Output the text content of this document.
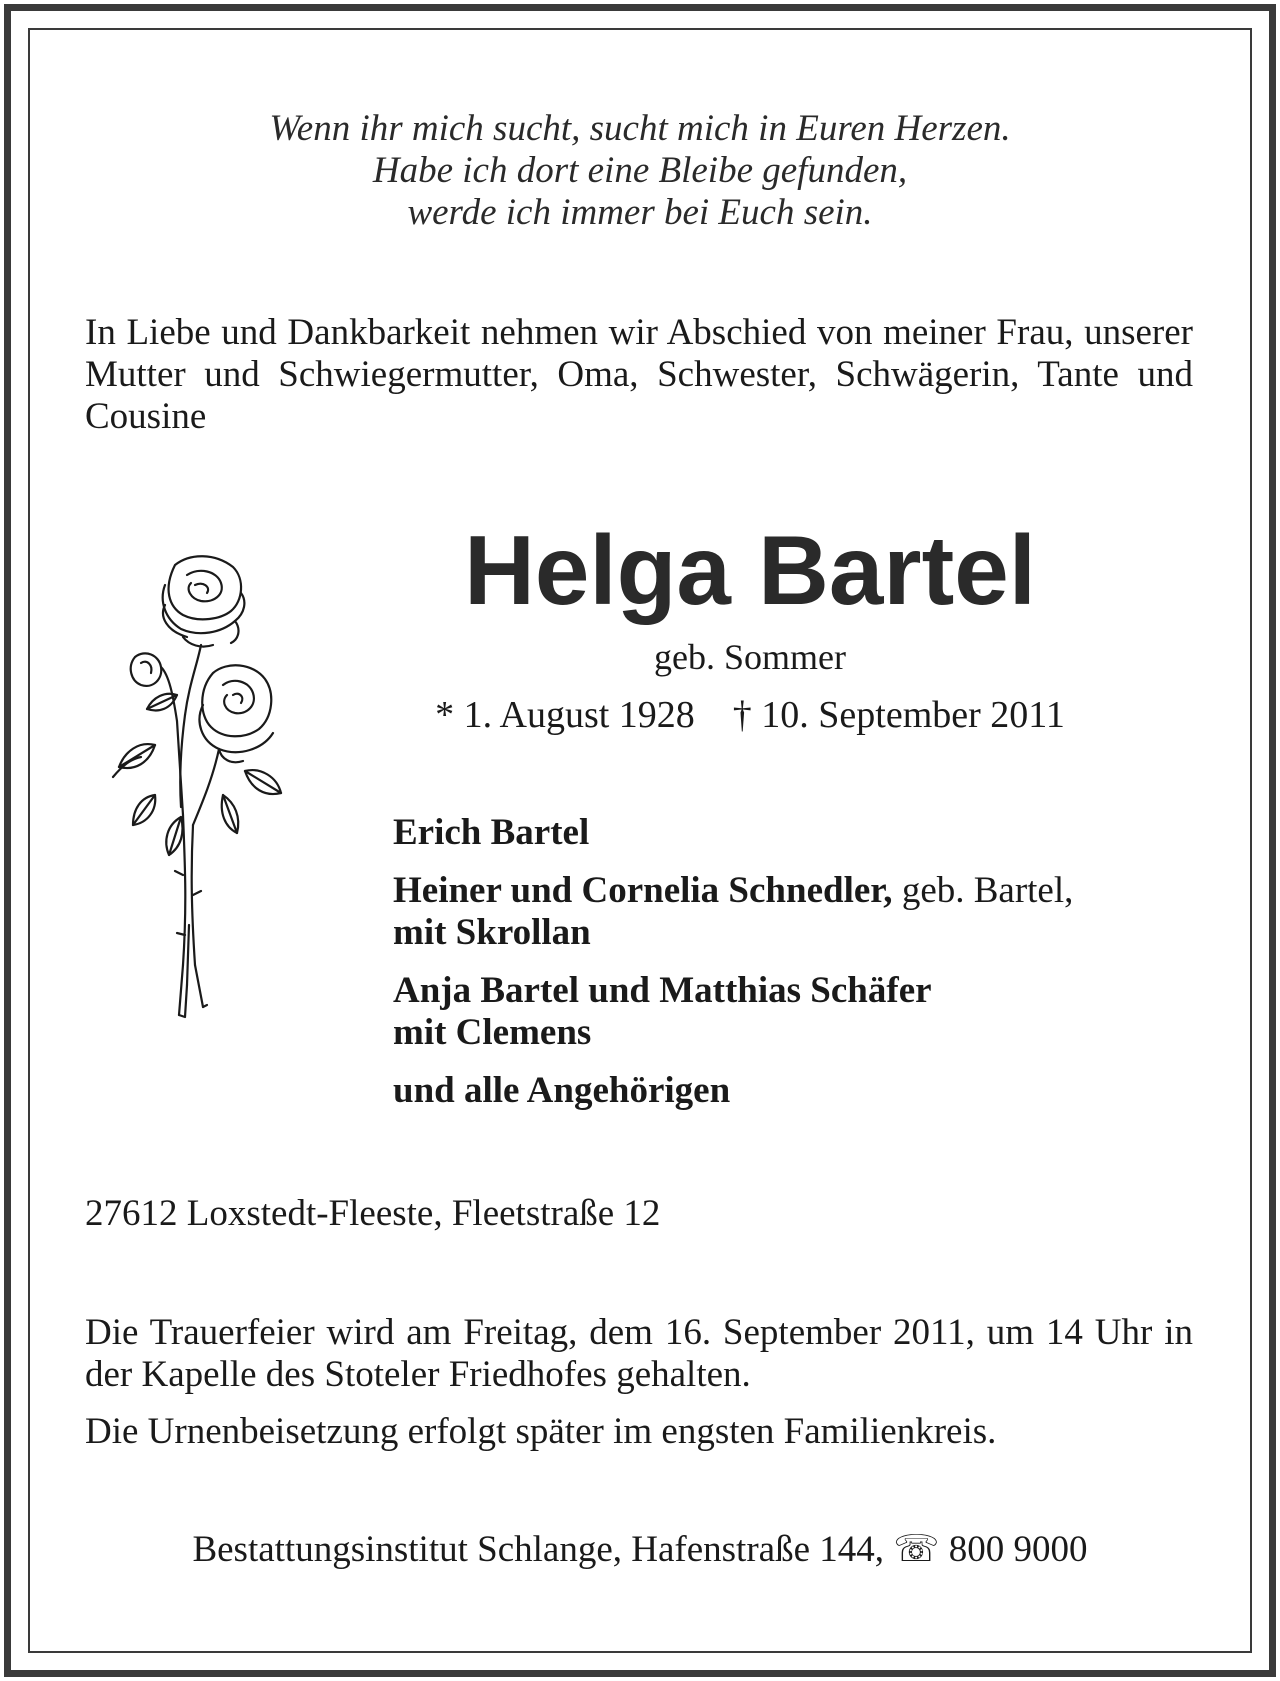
Wenn ihr mich sucht, sucht mich in Euren Herzen.
Habe ich dort eine Bleibe gefunden,
werde ich immer bei Euch sein.
In Liebe und Dankbarkeit nehmen wir Abschied von meiner Frau, unserer Mutter und Schwiegermutter, Oma, Schwester, Schwägerin, Tante und Cousine
Helga Bartel
geb. Sommer
* 1. August 1928 † 10. September 2011
Erich Bartel
Heiner und Cornelia Schnedler, geb. Bartel,
mit Skrollan
Anja Bartel und Matthias Schäfer
mit Clemens
und alle Angehörigen
27612 Loxstedt-Fleeste, Fleetstraße 12
Die Trauerfeier wird am Freitag, dem 16. September 2011, um 14 Uhr in der Kapelle des Stoteler Friedhofes gehalten.
Die Urnenbeisetzung erfolgt später im engsten Familienkreis.
Bestattungsinstitut Schlange, Hafenstraße 144, ☏ 800 9000
